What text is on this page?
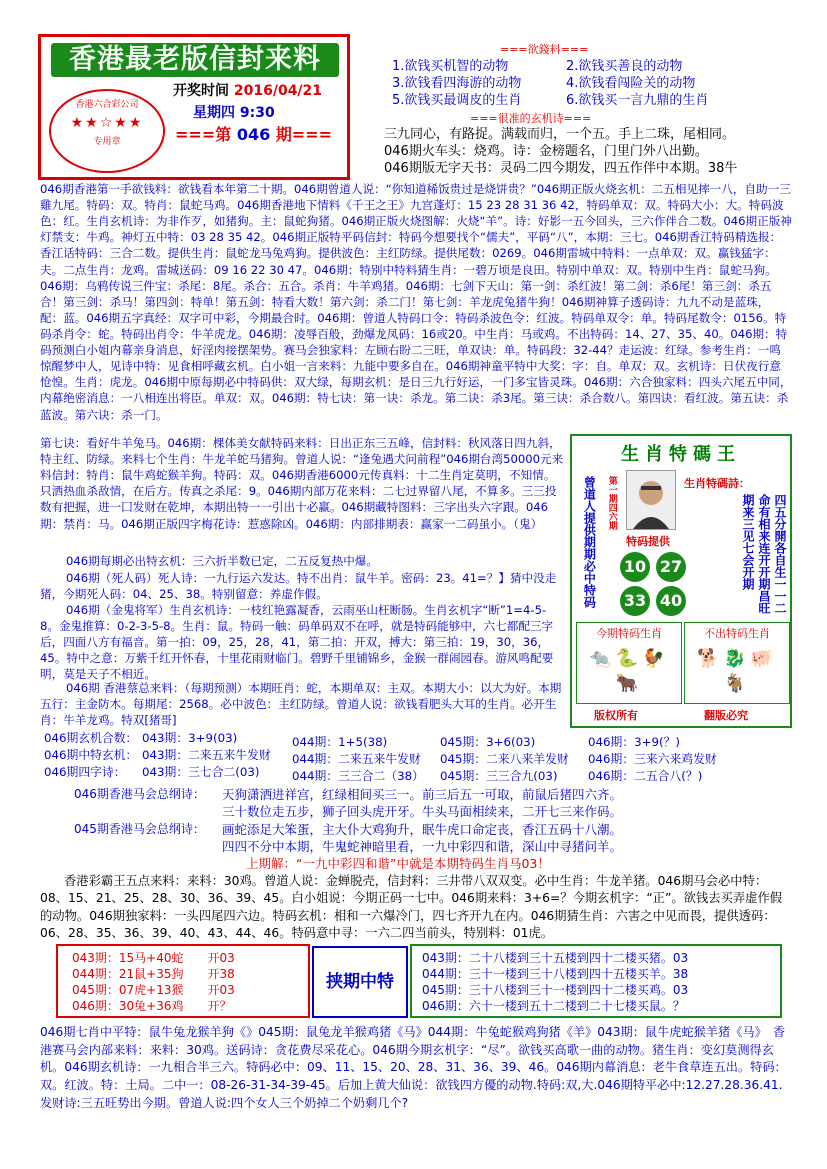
香港最老版信封来料
香港六合彩公司
★★☆★★
专用章
开奖时间 2016/04/21
星期四 9:30
===第 046 期===
===欲錢料===
1.欲钱买机智的动物	2.欲钱买善良的动物
3.欲钱看四海游的动物	4.欲钱看闯险关的动物
5.欲钱买最调皮的生肖	6.欲钱买一言九鼎的生肖
===很准的玄机诗===
三九同心，有路捉。满载而归，一个五。手上二珠，尾相同。
046期火车头：烧鸡。诗：金榜题名，门里门外八出勤。
046期版无字天书：灵码二四今期发，四五作伴中本期。38牛

046期香港第一手欲钱料：欲钱看本年第二十期。046期曾道人说：“你知道稀饭贵过是烧饼贵？”046期正版火烧玄机：二五相见摔一八，自助一三雞九尾。特码：双。特肖：鼠蛇马鸡。046期香港地下情料《千王之王》九宫蓬灯：15 23 28 31 36 42，特码单双：双。特码大小：大。特码波色：红。生肖玄机诗：为非作歹，如猪狗。主：鼠蛇狗猪。046期正版火烧图解：火烧“羊”。诗：好影一五今回头，三六作伴合二数。046期正版神灯禁支：牛鸡。神灯五中特：03 28 35 42。046期正版特平码信封：特码今想要找个“儒夫”，平码“八”，本期：三七。046期香江特码精选报：香江话特码：三合二数。提供生肖：鼠蛇龙马兔鸡狗。提供波色：主红防绿。提供尾数：0269。046期雷城中特料：一点单双：双。赢钱猛字：夫。二点生肖：龙鸡。雷城送码：09 16 22 30 47。046期：特别中特料猜生肖：一碧万顷是良田。特别中单双：双。特别中生肖：鼠蛇马狗。046期：乌鸦传说三件宝：杀尾：8尾。杀合：五合。杀肖：牛羊鸡猪。046期：七剑下天山：第一剑：杀红波！第二剑：杀6尾！第三剑：杀五合！第三剑：杀马！第四剑：特单！第五剑：特看大数！第六剑：杀二门！第七剑：羊龙虎兔猪牛狗！046期神算子透码诗：九九不动是蓝珠，配：蓝。046期五字真经：双字可中彩，今期最合时。046期：曾道人特码口令：特码杀波色令：红波。特码单双令：单。特码尾数令：0156。特码杀肖令：蛇。特码出肖令：牛羊虎龙。046期：凌辱百般，劲爆龙凤码：16或20。中生肖：马或鸡。不出特码：14、27、35、40。046期：特码预测白小姐内幕亲身消息，好淫肉接摆架势。赛马会独家料：左顾右盼二三旺，单双诀：单。特码段：32-44？走运波：红绿。参考生肖：一鸣惊醒梦中人，见诗中特：见食相呼藏玄机。白小姐一言来料：九能中要多自在。046期神童平特中大奖：字：自。单双：双。玄机诗：日伏夜行意怆惶。生肖：虎龙。046期中原每期必中特码供：双大绿，每期玄机：是日三九行好运，一门多宝皆灵珠。046期：六合独家料：四头六尾五中同，内幕绝密消息：一八相连出将臣。单双：双。046期：特七诀：第一诀：杀龙。第二诀：杀3尾。第三诀：杀合数八。第四诀：看红波。第五诀：杀蓝波。第六诀：杀一门。

第七诀：看好牛羊兔马。046期：棵体美女献特码来料：日出正东三五峰，信封料：秋风落日四九斜，特主红、防绿。来料七个生肖：牛龙羊蛇马猪狗。曾道人说：“逢兔遇犬问前程”046期台湾50000元来料信封：特肖：鼠牛鸡蛇猴羊狗。特码：双。046期香港6000元传真料：十二生肖定莫明，不知情。只洒热血杀敌情，在后方。传真之杀尾：9。046期内部万花来料：二七过界留八尾，不算多。三三投数有把握，进一囗发财在乾坤，本期出特一一引出十必赢。046期藏特图料：三字出头六字跟。046期：禁肖：马。046期正版四字梅花诗：惹惑除凶。046期：内部排期表：赢家一二码虽小。（鬼）
046期每期必出特玄机：三六折半数已定，二五反复热中爆。
046期（死人码）死人诗：一九行运六发达。特不出肖：鼠牛羊。密码：23。41=？】猜中没走猪，今期死人码：04、25、38。特别留意：养虚作假。
046期（金鬼将军）生肖玄机诗：一枝红艳露凝香，云雨巫山枉断肠。生肖玄机字“断”1=4-5-8。金鬼推算：0-2-3-5-8。生肖：鼠。特码一触：码单码双不在呼，就是特码能够中，六七都配三字后，四面八方有福音。第一拍：09，25，28，41，第二拍：开双，搏大：第三拍：19，30，36，45。特中之意：万紫千红开怀春，十里花雨财临门。碧野千里铺锦乡，金猴一群闹园春。游风鸣配要明，莫是天子不相近。
046期 香港蔡总来料：（每期预测）本期旺肖：蛇，本期单双：主双。本期大小：以大为好。本期五行：主金防木。每期尾：2568。必中波色：主红防绿。曾道人说：欲钱看肥头大耳的生肖。必开生肖：牛羊龙鸡。特双[猪哥]
生肖特碼王
曾道人提供期期必中特码 第一期四六期	生肖特碼詩：
四五分開各自生一一二命有相来连开开期昌旺期来三见七会开期
特码提供
10 27
33 40
今期特码生肖
🐀🐍🐓🐂
不出特码生肖
🐕🐉🐖🐐
版权所有	翻版必究
046期玄机合数： 043期：3+9(03)	044期：1+5(38)	045期：3+6(03)	046期：3+9(？)
046期中特玄机： 043期：二来五来牛发财 044期：二来五来牛发财 045期：二来八来羊发财 046期：三来六来鸡发财
046期四字诗： 043期：三七合二(03)	044期：三三合二（38） 045期：三三合九(03)	046期：二五合八(？)
046期香港马会总纲诗： 天狗潇洒进祥宫，红绿相间买三一。前三后五一可取，前鼠后猪四六齐。
三十数位走五步，狮子回头虎开牙。牛头马面相续来，二开七三来作码。
045期香港马会总纲诗： 画蛇添足大笨蛋，主大仆大鸡狗升，眠牛虎口命定丧，香江五码十八潮。
四四不分中本期，牛鬼蛇神暗里看，一九中彩四和谐，深山中寻猪问羊。
上期解：“一九中彩四和谐”中就是本期特码生肖马03！
香港彩霸王五点来料：来料：30鸡。曾道人说：金蝉脱壳，信封料：三井带八双双变。必中生肖：牛龙羊猪。046期马会必中特：08、15、21、25、28、30、36、39、45。白小姐说：今期正码一七中。046期来料：3+6=？今期玄机字：“正”。欲钱去买弄虚作假的动物。046期独家料：一头四尾四六边。特码玄机：相和一六爆冷门，四七齐开九在内。046期猜生肖：六害之中见而畏，提供透码：06、28、35、36、39、40、43、44、46。特码意中寻：一六二四当前头，特别料：01虎。
043期：15马+40蛇　　开03
044期：21鼠+35狗　　开38
045期：07虎+13猴　　开03
046期：30兔+36鸡　　开？
挟期中特
043期：二十八楼到三十五楼到四十二楼买猪。03
044期：三十一楼到三十八楼到四十五楼买羊。38
045期：三十八楼到三十一楼到四十二楼买鸡。03
046期：六十一楼到五十二楼到二十七楼买鼠。？
046期七肖中平特：鼠牛兔龙猴羊狗《》045期：鼠兔龙羊猴鸡猪《马》044期：牛兔蛇猴鸡狗猪《羊》043期：鼠牛虎蛇猴羊猪《马》　香港赛马会内部来料：来料：30鸡。送码诗：贪花费尽采花心。046期今期玄机字：“尽”。欲钱买高歌一曲的动物。猪生肖：变幻莫测得玄机。046期玄机诗：一九相合半三六。特码必中：09、11、15、20、28、31、36、39、46。046期内幕消息：老牛食草连五出。特码：双。红波。特：土局。二中一：08-26-31-34-39-45。后加上黄大仙说：欲钱四方優的动物.特码:双,大.046期特平必中:12.27.28.36.41.发财诗:三五旺势出今期。曾道人说:四个女人三个奶掉二个奶剩几个?
